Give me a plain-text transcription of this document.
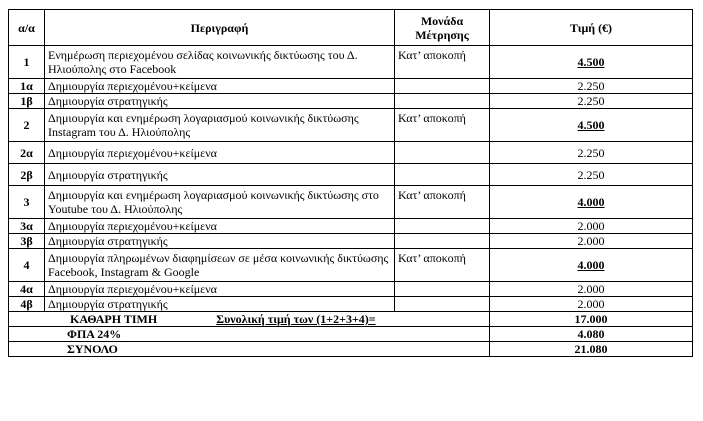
α/α	Περιγραφή	Μονάδα Μέτρησης	Τιμή (€)
1	Ενημέρωση περιεχομένου σελίδας κοινωνικής δικτύωσης του Δ. Ηλιούπολης στο Facebook	Κατ’ αποκοπή	4.500
1α	Δημιουργία περιεχομένου+κείμενα		2.250
1β	Δημιουργία στρατηγικής		2.250
2	Δημιουργία και ενημέρωση λογαριασμού κοινωνικής δικτύωσης Instagram του Δ. Ηλιούπολης	Κατ’ αποκοπή	4.500
2α	Δημιουργία περιεχομένου+κείμενα		2.250
2β	Δημιουργία στρατηγικής		2.250
3	Δημιουργία και ενημέρωση λογαριασμού κοινωνικής δικτύωσης στο Youtube του Δ. Ηλιούπολης	Κατ’ αποκοπή	4.000
3α	Δημιουργία περιεχομένου+κείμενα		2.000
3β	Δημιουργία στρατηγικής		2.000
4	Δημιουργία πληρωμένων διαφημίσεων σε μέσα κοινωνικής δικτύωσης Facebook, Instagram & Google	Κατ’ αποκοπή	4.000
4α	Δημιουργία περιεχομένου+κείμενα		2.000
4β	Δημιουργία στρατηγικής		2.000
ΚΑΘΑΡΗ ΤΙΜΗ Συνολική τιμή των (1+2+3+4)=			17.000
ΦΠΑ 24%			4.080
ΣΥΝΟΛΟ			21.080
